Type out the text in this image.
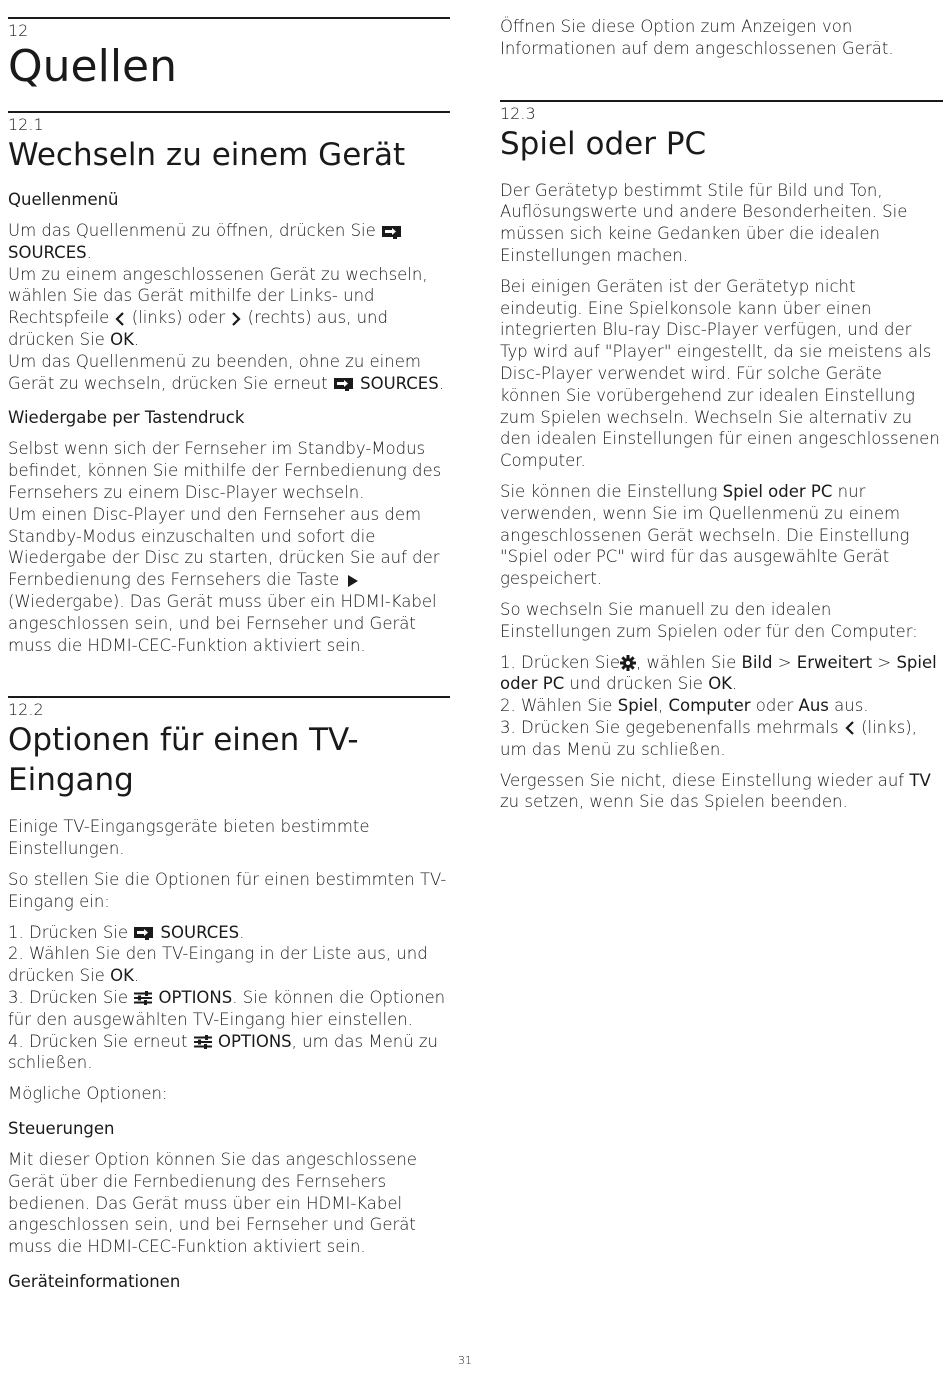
12
Quellen
12.1
Wechseln zu einem Gerät
Quellenmenü

Um das Quellenmenü zu öffnen, drücken Sie

SOURCES.
Um zu einem angeschlossenen Gerät zu wechseln, wählen Sie das Gerät mithilfe der Links- und Rechtspfeile (links) oder (rechts) aus, und drücken Sie OK.
Um das Quellenmenü zu beenden, ohne zu einem Gerät zu wechseln, drücken Sie erneut SOURCES.

Wiedergabe per Tastendruck

Selbst wenn sich der Fernseher im Standby-Modus befindet, können Sie mithilfe der Fernbedienung des Fernsehers zu einem Disc-Player wechseln.
Um einen Disc-Player und den Fernseher aus dem Standby-Modus einzuschalten und sofort die Wiedergabe der Disc zu starten, drücken Sie auf der Fernbedienung des Fernsehers die Taste
(Wiedergabe). Das Gerät muss über ein HDMI-Kabel angeschlossen sein, und bei Fernseher und Gerät muss die HDMI-CEC-Funktion aktiviert sein.

12.2
Optionen für einen TV-Eingang

Einige TV-Eingangsgeräte bieten bestimmte Einstellungen.

So stellen Sie die Optionen für einen bestimmten TV-Eingang ein:

1. Drücken Sie SOURCES.
2. Wählen Sie den TV-Eingang in der Liste aus, und drücken Sie OK.
3. Drücken Sie OPTIONS. Sie können die Optionen für den ausgewählten TV-Eingang hier einstellen.
4. Drücken Sie erneut OPTIONS, um das Menü zu schließen.

Mögliche Optionen:

Steuerungen

Mit dieser Option können Sie das angeschlossene Gerät über die Fernbedienung des Fernsehers bedienen. Das Gerät muss über ein HDMI-Kabel angeschlossen sein, und bei Fernseher und Gerät muss die HDMI-CEC-Funktion aktiviert sein.

Geräteinformationen

Öffnen Sie diese Option zum Anzeigen von Informationen auf dem angeschlossenen Gerät.

12.3
Spiel oder PC

Der Gerätetyp bestimmt Stile für Bild und Ton, Auflösungswerte und andere Besonderheiten. Sie müssen sich keine Gedanken über die idealen Einstellungen machen.

Bei einigen Geräten ist der Gerätetyp nicht eindeutig. Eine Spielkonsole kann über einen integrierten Blu-ray Disc-Player verfügen, und der Typ wird auf "Player" eingestellt, da sie meistens als Disc-Player verwendet wird. Für solche Geräte können Sie vorübergehend zur idealen Einstellung zum Spielen wechseln. Wechseln Sie alternativ zu den idealen Einstellungen für einen angeschlossenen Computer.

Sie können die Einstellung Spiel oder PC nur verwenden, wenn Sie im Quellenmenü zu einem angeschlossenen Gerät wechseln. Die Einstellung "Spiel oder PC" wird für das ausgewählte Gerät gespeichert.

So wechseln Sie manuell zu den idealen Einstellungen zum Spielen oder für den Computer:

1. Drücken Sie , wählen Sie Bild > Erweitert > Spiel oder PC und drücken Sie OK.
2. Wählen Sie Spiel, Computer oder Aus aus.
3. Drücken Sie gegebenenfalls mehrmals (links), um das Menü zu schließen.

Vergessen Sie nicht, diese Einstellung wieder auf TV zu setzen, wenn Sie das Spielen beenden.

31
